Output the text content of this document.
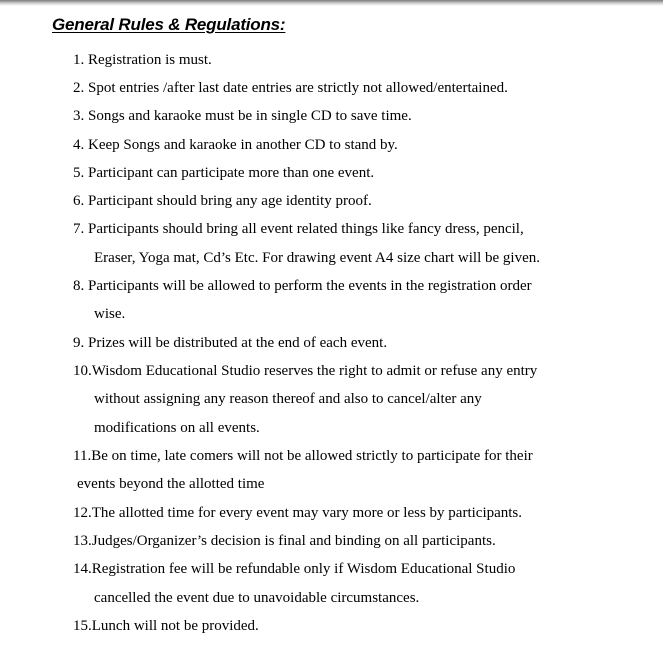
General Rules & Regulations:
1. Registration is must.
2. Spot entries /after last date entries are strictly not allowed/entertained.
3. Songs and karaoke must be in single CD to save time.
4. Keep Songs and karaoke in another CD to stand by.
5. Participant can participate more than one event.
6. Participant should bring any age identity proof.
7. Participants should bring all event related things like fancy dress, pencil,
Eraser, Yoga mat, Cd’s Etc. For drawing event A4 size chart will be given.
8. Participants will be allowed to perform the events in the registration order
wise.
9. Prizes will be distributed at the end of each event.
10.Wisdom Educational Studio reserves the right to admit or refuse any entry
without assigning any reason thereof and also to cancel/alter any
modifications on all events.
11.Be on time, late comers will not be allowed strictly to participate for their
events beyond the allotted time
12.The allotted time for every event may vary more or less by participants.
13.Judges/Organizer’s decision is final and binding on all participants.
14.Registration fee will be refundable only if Wisdom Educational Studio
cancelled the event due to unavoidable circumstances.
15.Lunch will not be provided.
